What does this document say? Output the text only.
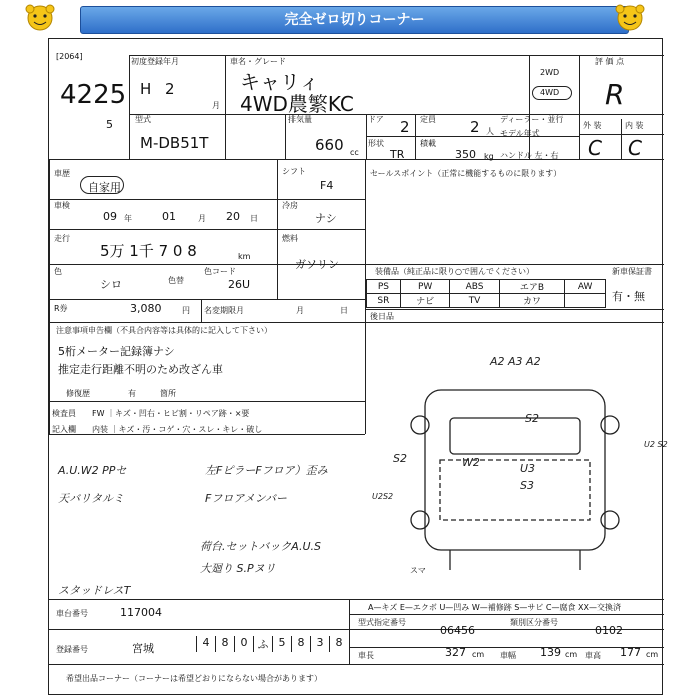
完全ゼロ切りコーナー
[2064]
4225
5
初度登録年月
H 2
月
車名・グレード
キャリィ
4WD農繁KC
2WD
4WD
評 価 点
R
型式
M-DB51T
排気量
660 cc
ドア 2 定員 2 人
形状
TR
積載
350 kg
ディーラー・並行
モデル年式
ハンドル 左・右
外 装	内 装
C C
車歴
自家用
シフト
F4
セールスポイント（正常に機能するものに限ります）
車検
09 年	01	月 20 日
冷房
ナシ
走行
5万 1千 7 0 8	km
燃料
ガソリン
色
シロ	色替
色コード
26U
装備品（純正品に限り○で囲んでください）	新車保証書
有・無
PS	PW	ABS	エアB	AW
SR	ナビ	TV	カワ	
R券	3,080	円 名変期限月	月	日
後日品
注意事項申告欄（不具合内容等は具体的に記入して下さい）
5桁メーター記録簿ナシ
推定走行距離不明のため改ざん車
修復歴	有	箇所
検査員
記入欄
FW ｜キズ・凹右・ヒビ割・リペア跡・×要
内装 ｜キズ・汚・コゲ・穴・スレ・キレ・破し
A.U.W2 PPセ
天バリタルミ
スタッドレスT
左FピラーFフロア）歪み
Fフロアメンバー
荷台.セットバックA.U.S
大廻り S.Pヌリ
A2 A3 A2
S2
S2	W2	U3
S3
U2S2
U2 S2
スマ
A—キズ E—エクボ U—凹み W—補修跡 S—サビ C—腐食 XX—交換済
車台番号	117004
型式指定番号
06456
類別区分番号
0102
登録番号	宮城	4	8	0 ふ 5	8	3	8
車長	327 cm 車幅 139 cm 車高 177 cm
希望出品コーナー （コーナーは希望どおりにならない場合があります）
